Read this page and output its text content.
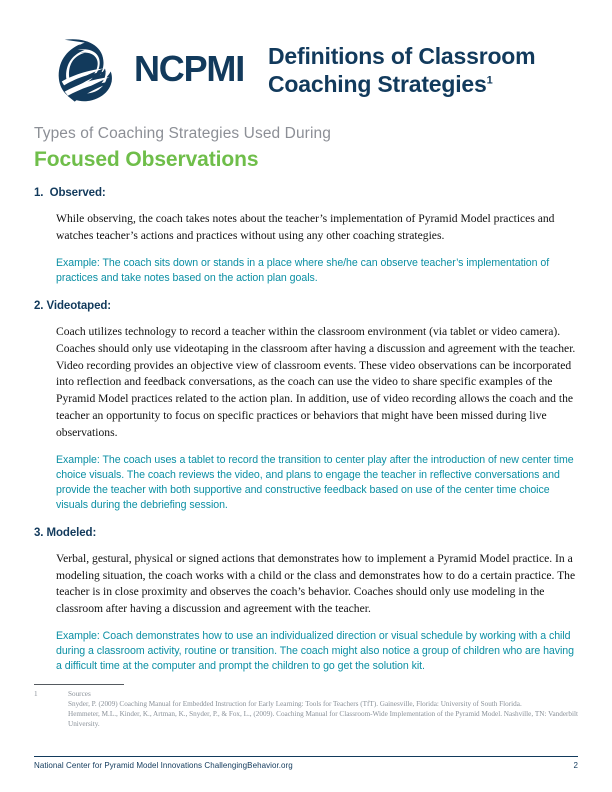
NCPMI Definitions of Classroom
Coaching Strategies$^1$
Types of Coaching Strategies Used During
Focused Observations
1. Observed:

While observing, the coach takes notes about the teacher’s implementation of Pyramid Model practices and watches teacher’s actions and practices without using any other coaching strategies.

Example: The coach sits down or stands in a place where she/he can observe teacher’s implementation of practices and take notes based on the action plan goals.

2. Videotaped:

Coach utilizes technology to record a teacher within the classroom environment (via tablet or video camera). Coaches should only use videotaping in the classroom after having a discussion and agreement with the teacher. Video recording provides an objective view of classroom events. These video observations can be incorporated into reflection and feedback conversations, as the coach can use the video to share specific examples of the Pyramid Model practices related to the action plan. In addition, use of video recording allows the coach and the teacher an opportunity to focus on specific practices or behaviors that might have been missed during live observations.

Example: The coach uses a tablet to record the transition to center play after the introduction of new center time choice visuals. The coach reviews the video, and plans to engage the teacher in reflective conversations and provide the teacher with both supportive and constructive feedback based on use of the center time choice visuals during the debriefing session.

3. Modeled:

Verbal, gestural, physical or signed actions that demonstrates how to implement a Pyramid Model practice. In a modeling situation, the coach works with a child or the class and demonstrates how to do a certain practice. The teacher is in close proximity and observes the coach’s behavior. Coaches should only use modeling in the classroom after having a discussion and agreement with the teacher.

Example: Coach demonstrates how to use an individualized direction or visual schedule by working with a child during a classroom activity, routine or transition. The coach might also notice a group of children who are having a difficult time at the computer and prompt the children to go get the solution kit.

1	Sources
Snyder, P. (2009) Coaching Manual for Embedded Instruction for Early Learning: Tools for Teachers (TfT). Gainesville, Florida: University of South Florida.
Hemmeter, M.L., Kinder, K., Artman, K., Snyder, P., & Fox, L., (2009). Coaching Manual for Classroom-Wide Implementation of the Pyramid Model. Nashville, TN: Vanderbilt University.
National Center for Pyramid Model Innovations ChallengingBehavior.org	2
